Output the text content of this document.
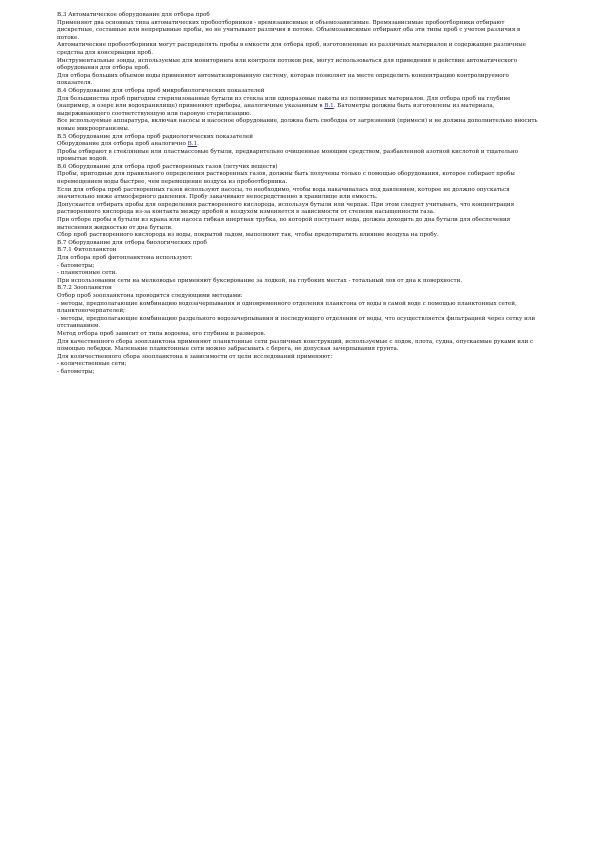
В.3 Автоматическое оборудование для отбора проб

Применяют два основных типа автоматических пробоотборников - времязависимые и объемозависимые. Времязависимые пробоотборники отбирают дискретные, составные или непрерывные пробы, но не учитывают различия в потоке. Объемозависимые отбирают оба эти типы проб с учетом различия в потоке.

Автоматические пробоотборники могут распределять пробы в емкости для отбора проб, изготовленные из различных материалов и содержащие различные средства для консервации проб.

Инструментальные зонды, используемые для мониторинга или контроля потоков рек, могут использоваться для приведения в действие автоматического оборудования для отбора проб.

Для отбора больших объемов воды применяют автоматизированную систему, которая позволяет на месте определить концентрацию контролируемого показателя.

В.4 Оборудование для отбора проб микробиологических показателей

Для большинства проб пригодны стерилизованные бутыли из стекла или одноразовые пакеты из полимерных материалов. Для отбора проб на глубине (например, в озере или водохранилище) применяют приборы, аналогичные указанным в В.1. Батометры должны быть изготовлены из материала, выдерживающего соответствующую или паровую стерилизацию.

Все используемые аппаратура, включая насосы и насосное оборудование, должна быть свободна от загрязнений (примеси) и не должна дополнительно вносить новые микроорганизмы.

В.5 Оборудование для отбора проб радиологических показателей

Оборудование для отбора проб аналогично В.1.

Пробы отбирают в стеклянные или пластмассовые бутыли, предварительно очищенные моющим средством, разбавленной азотной кислотой и тщательно промытые водой.

В.6 Оборудование для отбора проб растворенных газов (летучих веществ)

Пробы, пригодные для правильного определения растворенных газов, должны быть получены только с помощью оборудования, которое собирает пробы перемещением воды быстрее, чем перемещение воздуха из пробоотборника.

Если для отбора проб растворенных газов используют насосы, то необходимо, чтобы вода накачивалась под давлением, которое не должно опускаться значительно ниже атмосферного давления. Пробу закачивают непосредственно в хранилище или емкость.

Допускается отбирать пробы для определения растворенного кислорода, используя бутыли или черпак. При этом следует учитывать, что концентрация растворенного кислорода из-за контакта между пробой и воздухом изменяется в зависимости от степени насыщенности газа.

При отборе пробы в бутыли из крана или насоса гибкая инертная трубка, по которой поступает вода, должна доходить до дна бутыли для обеспечения вытеснения жидкостью от дна бутыли.

Сбор проб растворенного кислорода из воды, покрытой льдом, выполняют так, чтобы предотвратить влияние воздуха на пробу.

В.7 Оборудование для отбора биологических проб

В.7.1 Фитопланктон

Для отбора проб фитопланктона используют:

- батометры;

- планктонные сети.

При использовании сети на мелководье применяют буксирование за лодкой, на глубоких местах - тотальный лов от дна к поверхности.

В.7.2 Зоопланктон

Отбор проб зоопланктона проводится следующими методами:

- методы, предполагающие комбинацию водозачерпывания и одновременного отделения планктона от воды в самой воде с помощью планктонных сетей, планктоночерпателей;

- методы, предполагающие комбинацию раздельного водозачерпывания и последующего отделения от воды, что осуществляется фильтрацией через сетку или отстаиванием.

Метод отбора проб зависит от типа водоема, его глубины и размеров.

Для качественного сбора зоопланктона применяют планктонные сети различных конструкций, используемые с лодок, плота, судна, опускаемые руками или с помощью лебедки. Маленькие планктонные сети можно забрасывать с берега, не допуская зачерпывания грунта.

Для количественного сбора зоопланктона в зависимости от цели исследований применяют:

- количественные сети;

- батометры;
